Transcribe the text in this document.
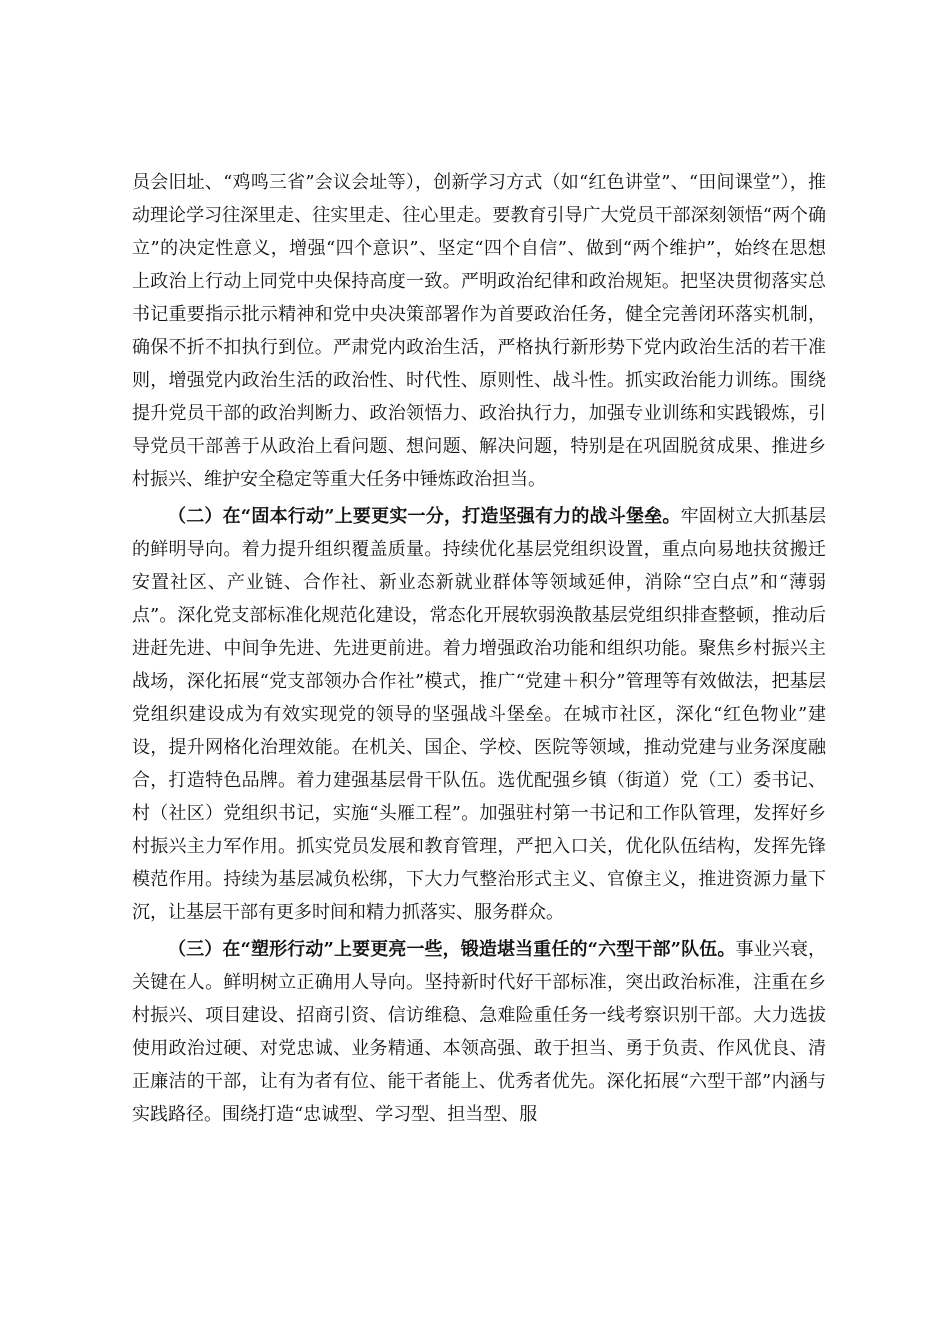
员会旧址、“鸡鸣三省”会议会址等），创新学习方式（如“红色讲堂”、“田间课堂”），推动理论学习往深里走、往实里走、往心里走。要教育引导广大党员干部深刻领悟“两个确立”的决定性意义，增强“四个意识”、坚定“四个自信”、做到“两个维护”，始终在思想上政治上行动上同党中央保持高度一致。严明政治纪律和政治规矩。把坚决贯彻落实总书记重要指示批示精神和党中央决策部署作为首要政治任务，健全完善闭环落实机制，确保不折不扣执行到位。严肃党内政治生活，严格执行新形势下党内政治生活的若干准则，增强党内政治生活的政治性、时代性、原则性、战斗性。抓实政治能力训练。围绕提升党员干部的政治判断力、政治领悟力、政治执行力，加强专业训练和实践锻炼，引导党员干部善于从政治上看问题、想问题、解决问题，特别是在巩固脱贫成果、推进乡村振兴、维护安全稳定等重大任务中锤炼政治担当。

（二）在“固本行动”上要更实一分，打造坚强有力的战斗堡垒。牢固树立大抓基层的鲜明导向。着力提升组织覆盖质量。持续优化基层党组织设置，重点向易地扶贫搬迁安置社区、产业链、合作社、新业态新就业群体等领域延伸，消除“空白点”和“薄弱点”。深化党支部标准化规范化建设，常态化开展软弱涣散基层党组织排查整顿，推动后进赶先进、中间争先进、先进更前进。着力增强政治功能和组织功能。聚焦乡村振兴主战场，深化拓展“党支部领办合作社”模式，推广“党建＋积分”管理等有效做法，把基层党组织建设成为有效实现党的领导的坚强战斗堡垒。在城市社区，深化“红色物业”建设，提升网格化治理效能。在机关、国企、学校、医院等领域，推动党建与业务深度融合，打造特色品牌。着力建强基层骨干队伍。选优配强乡镇（街道）党（工）委书记、村（社区）党组织书记，实施“头雁工程”。加强驻村第一书记和工作队管理，发挥好乡村振兴主力军作用。抓实党员发展和教育管理，严把入口关，优化队伍结构，发挥先锋模范作用。持续为基层减负松绑，下大力气整治形式主义、官僚主义，推进资源力量下沉，让基层干部有更多时间和精力抓落实、服务群众。

（三）在“塑形行动”上要更亮一些，锻造堪当重任的“六型干部”队伍。事业兴衰，关键在人。鲜明树立正确用人导向。坚持新时代好干部标准，突出政治标准，注重在乡村振兴、项目建设、招商引资、信访维稳、急难险重任务一线考察识别干部。大力选拔使用政治过硬、对党忠诚、业务精通、本领高强、敢于担当、勇于负责、作风优良、清正廉洁的干部，让有为者有位、能干者能上、优秀者优先。深化拓展“六型干部”内涵与实践路径。围绕打造“忠诚型、学习型、担当型、服
